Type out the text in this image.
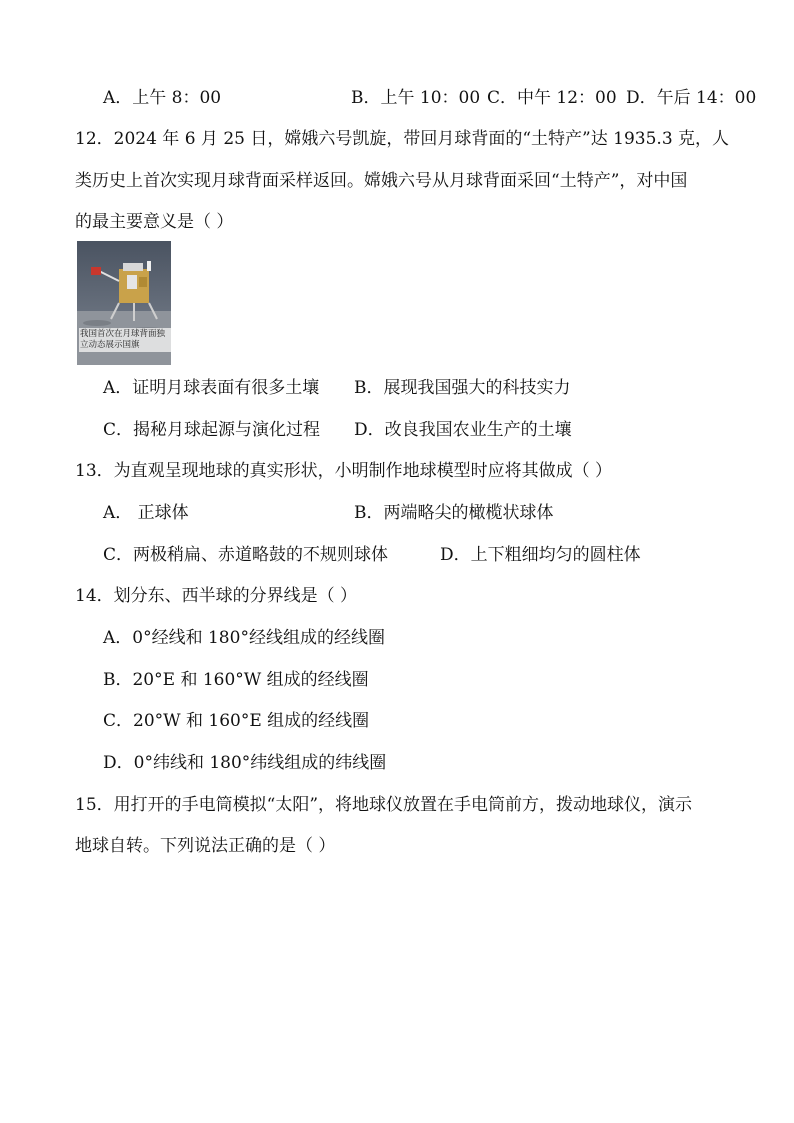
A．上午 8：00	B．上午 10：00 C．中午 12：00 D．午后 14：00
12．2024 年 6 月 25 日，嫦娥六号凯旋，带回月球背面的“土特产”达 1935.3 克，人
类历史上首次实现月球背面采样返回。嫦娥六号从月球背面采回“土特产”，对中国
的最主要意义是（ ）
我国首次在月球背面独立动态展示国旗
A．证明月球表面有很多土壤 B．展现我国强大的科技实力
C．揭秘月球起源与演化过程 D．改良我国农业生产的土壤
13．为直观呈现地球的真实形状，小明制作地球模型时应将其做成（ ）
A． 正球体	B．两端略尖的橄榄状球体
C．两极稍扁、赤道略鼓的不规则球体	D．上下粗细均匀的圆柱体
14．划分东、西半球的分界线是（ ）
A．0°经线和 180°经线组成的经线圈
B．20°E 和 160°W 组成的经线圈
C．20°W 和 160°E 组成的经线圈
D．0°纬线和 180°纬线组成的纬线圈
15．用打开的手电筒模拟“太阳”，将地球仪放置在手电筒前方，拨动地球仪，演示
地球自转。下列说法正确的是（ ）
